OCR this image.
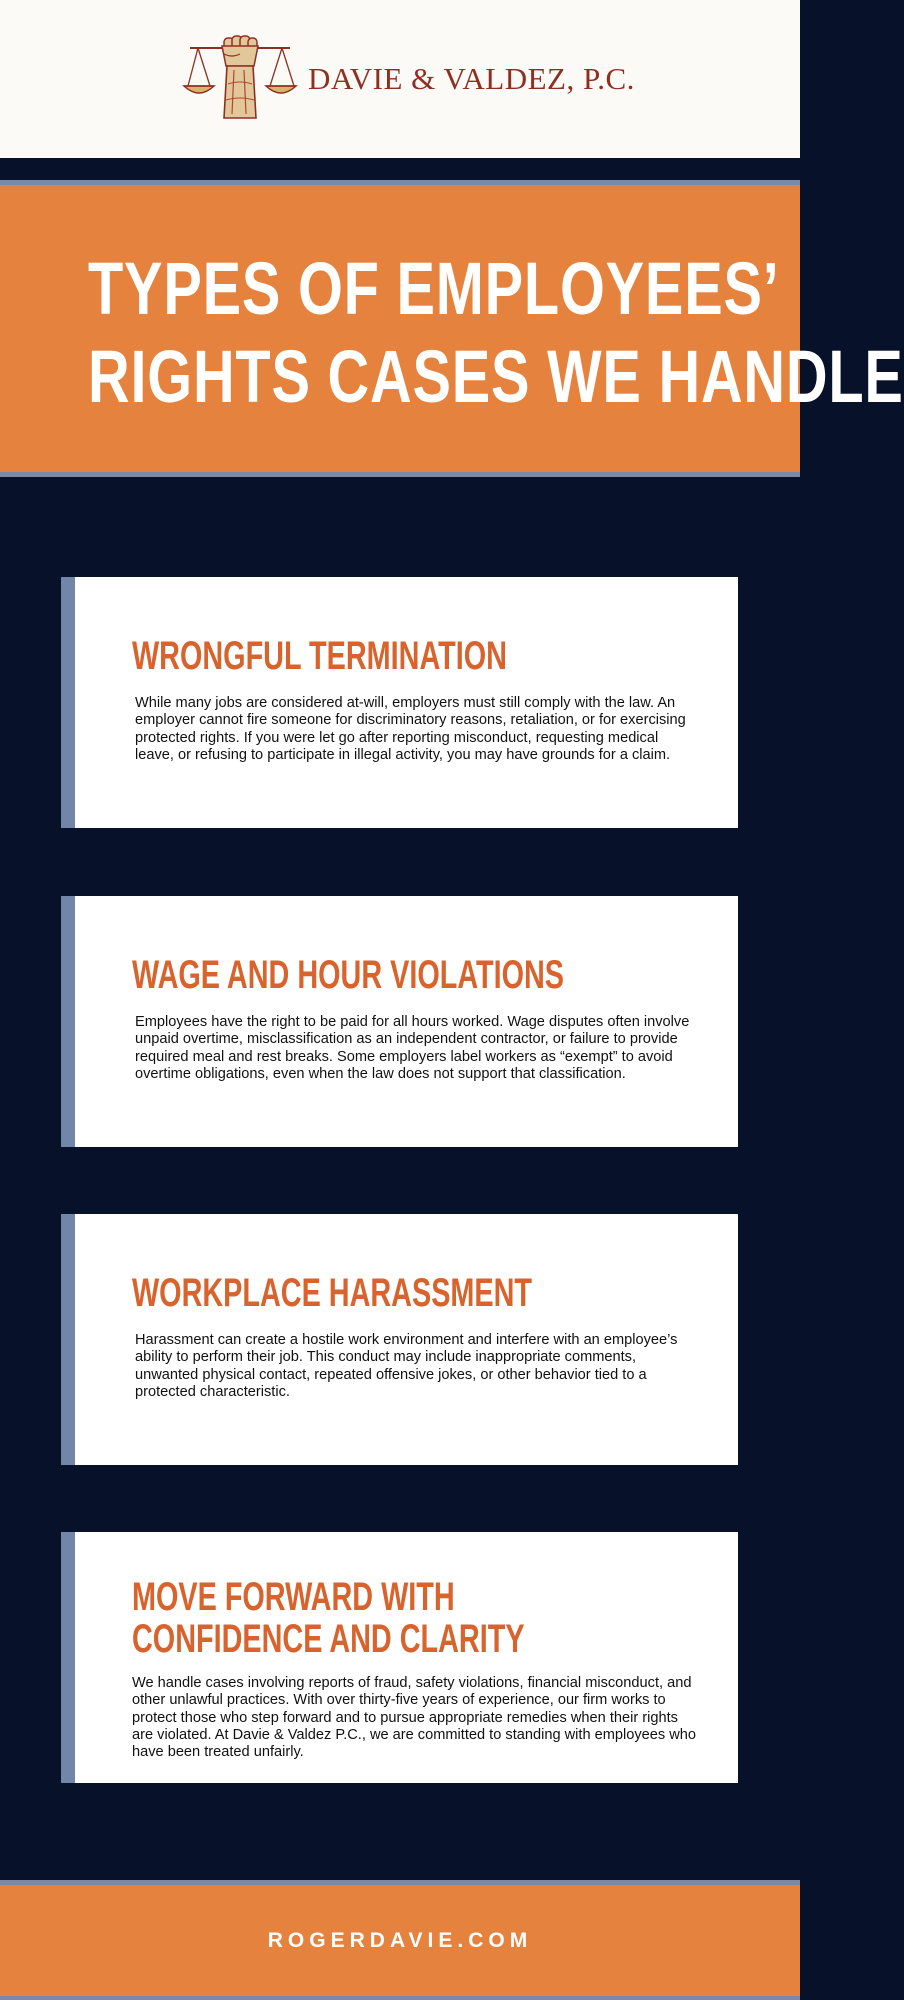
DAVIE & VALDEZ, P.C.
TYPES OF EMPLOYEES’
RIGHTS CASES WE HANDLE
WRONGFUL TERMINATION
While many jobs are considered at-will, employers must still comply with the law. An employer cannot fire someone for discriminatory reasons, retaliation, or for exercising protected rights. If you were let go after reporting misconduct, requesting medical leave, or refusing to participate in illegal activity, you may have grounds for a claim.
WAGE AND HOUR VIOLATIONS
Employees have the right to be paid for all hours worked. Wage disputes often involve unpaid overtime, misclassification as an independent contractor, or failure to provide required meal and rest breaks. Some employers label workers as “exempt” to avoid overtime obligations, even when the law does not support that classification.
WORKPLACE HARASSMENT
Harassment can create a hostile work environment and interfere with an employee’s ability to perform their job. This conduct may include inappropriate comments, unwanted physical contact, repeated offensive jokes, or other behavior tied to a protected characteristic.
MOVE FORWARD WITH CONFIDENCE AND CLARITY
We handle cases involving reports of fraud, safety violations, financial misconduct, and other unlawful practices. With over thirty-five years of experience, our firm works to protect those who step forward and to pursue appropriate remedies when their rights are violated. At Davie & Valdez P.C., we are committed to standing with employees who have been treated unfairly.
ROGERDAVIE.COM
